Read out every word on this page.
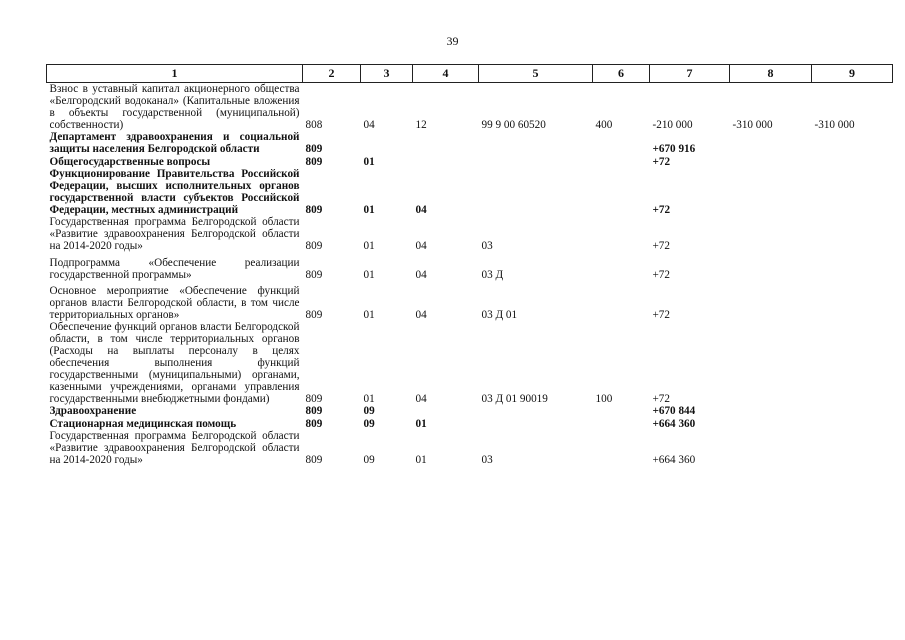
39
1	2	3	4	5	6	7	8	9
Взнос в уставный капитал акционерного общества «Белгородский водоканал» (Капитальные вложения в объекты государственной (муниципальной) собственности)	808	04	12	99 9 00 60520	400	-210 000	-310 000	-310 000
Департамент здравоохранения и социальной защиты населения Белгородской области	809					+670 916		
Общегосударственные вопросы	809	01				+72		
Функционирование Правительства Российской Федерации, высших исполнительных органов государственной власти субъектов Российской Федерации, местных администраций	809	01	04			+72		
Государственная программа Белгородской области «Развитие здравоохранения Белгородской области на 2014-2020 годы»	809	01	04	03		+72		

Подпрограмма «Обеспечение реализации государственной программы»	809	01	04	03 Д		+72		

Основное мероприятие «Обеспечение функций органов власти Белгородской области, в том числе территориальных органов»	809	01	04	03 Д 01		+72		
Обеспечение функций органов власти Белгородской области, в том числе территориальных органов (Расходы на выплаты персоналу в целях обеспечения выполнения функций государственными (муниципальными) органами, казенными учреждениями, органами управления государственными внебюджетными фондами)	809	01	04	03 Д 01 90019	100	+72		
Здравоохранение	809	09				+670 844		
Стационарная медицинская помощь	809	09	01			+664 360		
Государственная программа Белгородской области «Развитие здравоохранения Белгородской области на 2014-2020 годы»	809	09	01	03		+664 360		
